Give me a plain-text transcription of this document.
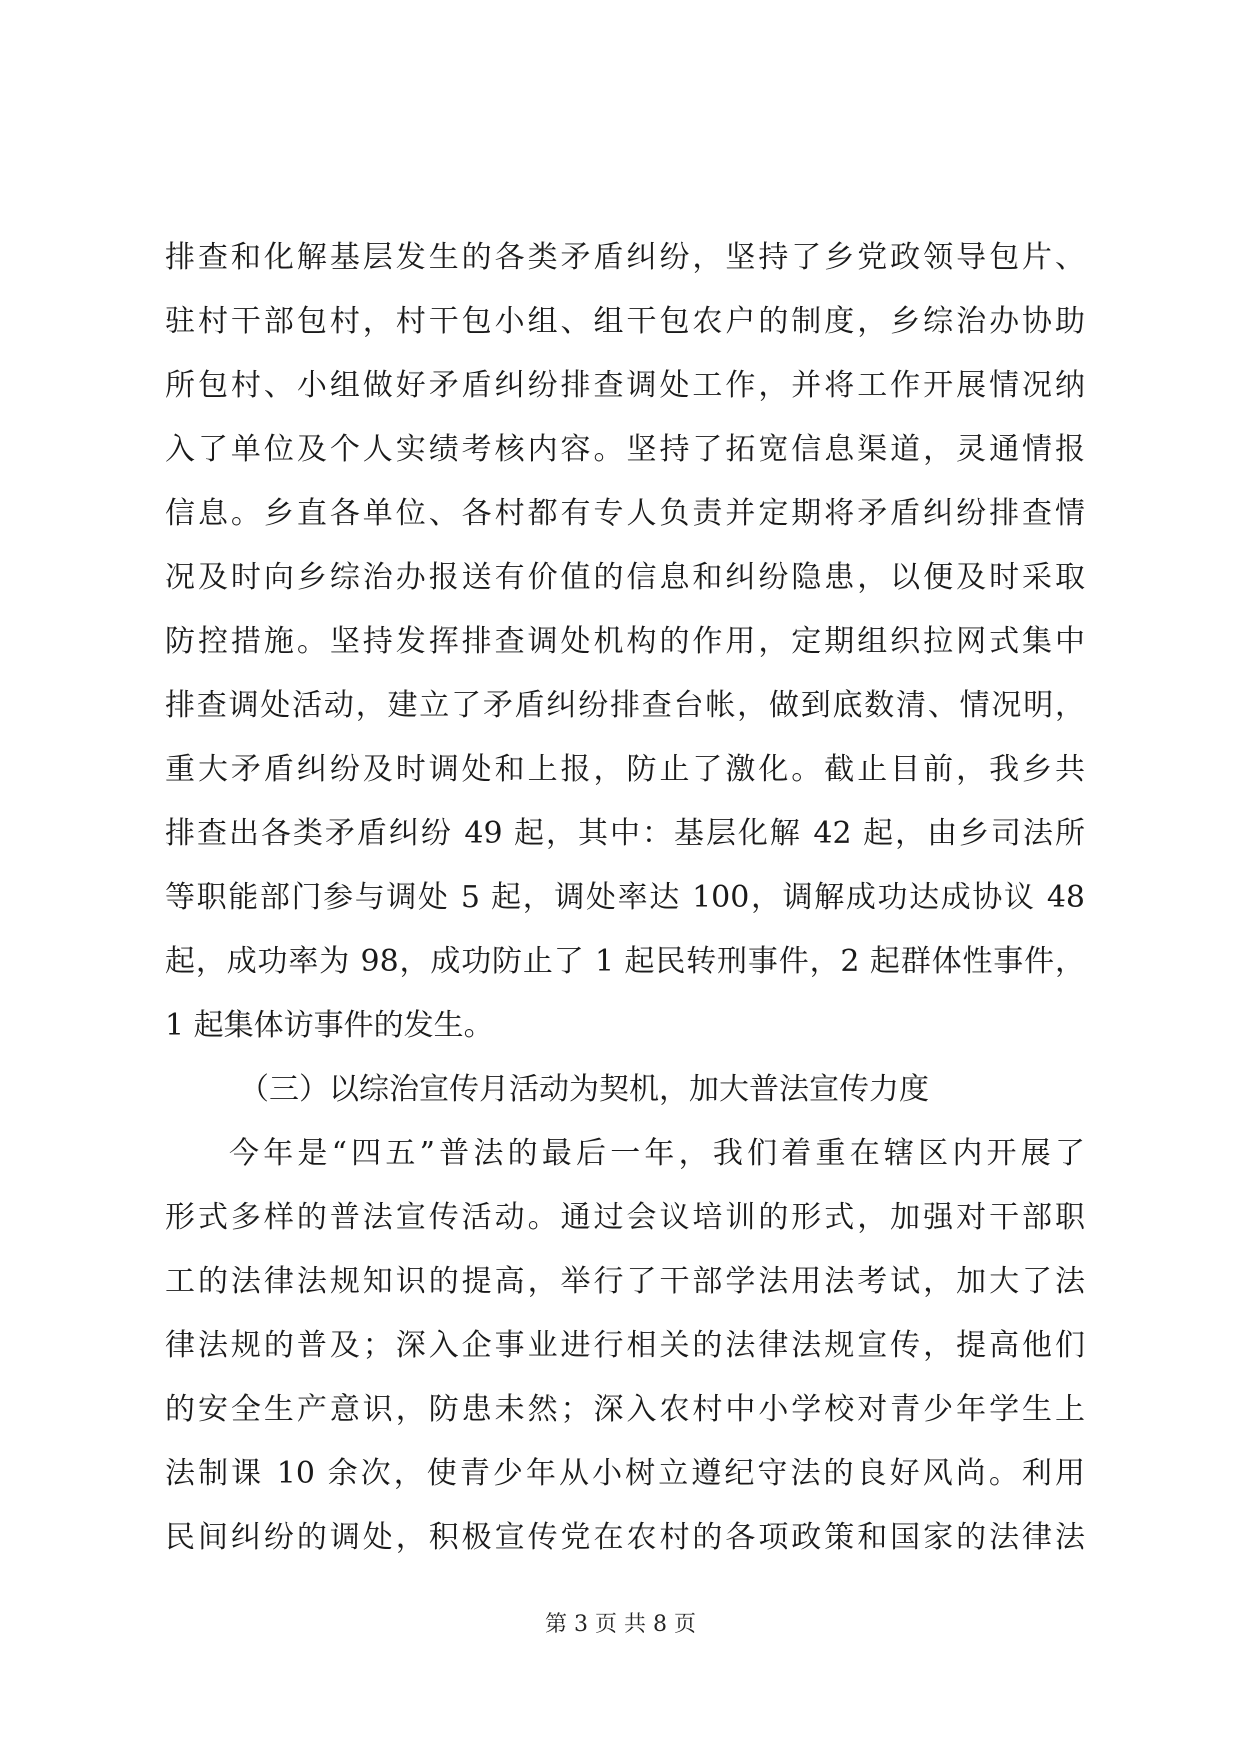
排查和化解基层发生的各类矛盾纠纷，坚持了乡党政领导包片、
驻村干部包村，村干包小组、组干包农户的制度，乡综治办协助
所包村、小组做好矛盾纠纷排查调处工作，并将工作开展情况纳
入了单位及个人实绩考核内容。坚持了拓宽信息渠道，灵通情报
信息。乡直各单位、各村都有专人负责并定期将矛盾纠纷排查情
况及时向乡综治办报送有价值的信息和纠纷隐患，以便及时采取
防控措施。坚持发挥排查调处机构的作用，定期组织拉网式集中
排查调处活动，建立了矛盾纠纷排查台帐，做到底数清、情况明，
重大矛盾纠纷及时调处和上报，防止了激化。截止目前，我乡共
排查出各类矛盾纠纷 49 起，其中：基层化解 42 起，由乡司法所
等职能部门参与调处 5 起，调处率达 100，调解成功达成协议 48
起，成功率为 98，成功防止了 1 起民转刑事件，2 起群体性事件，
1 起集体访事件的发生。
（三）以综治宣传月活动为契机，加大普法宣传力度
今年是“四五”普法的最后一年，我们着重在辖区内开展了
形式多样的普法宣传活动。通过会议培训的形式，加强对干部职
工的法律法规知识的提高，举行了干部学法用法考试，加大了法
律法规的普及；深入企事业进行相关的法律法规宣传，提高他们
的安全生产意识，防患未然；深入农村中小学校对青少年学生上
法制课 10 余次，使青少年从小树立遵纪守法的良好风尚。利用
民间纠纷的调处，积极宣传党在农村的各项政策和国家的法律法
第 3 页 共 8 页
